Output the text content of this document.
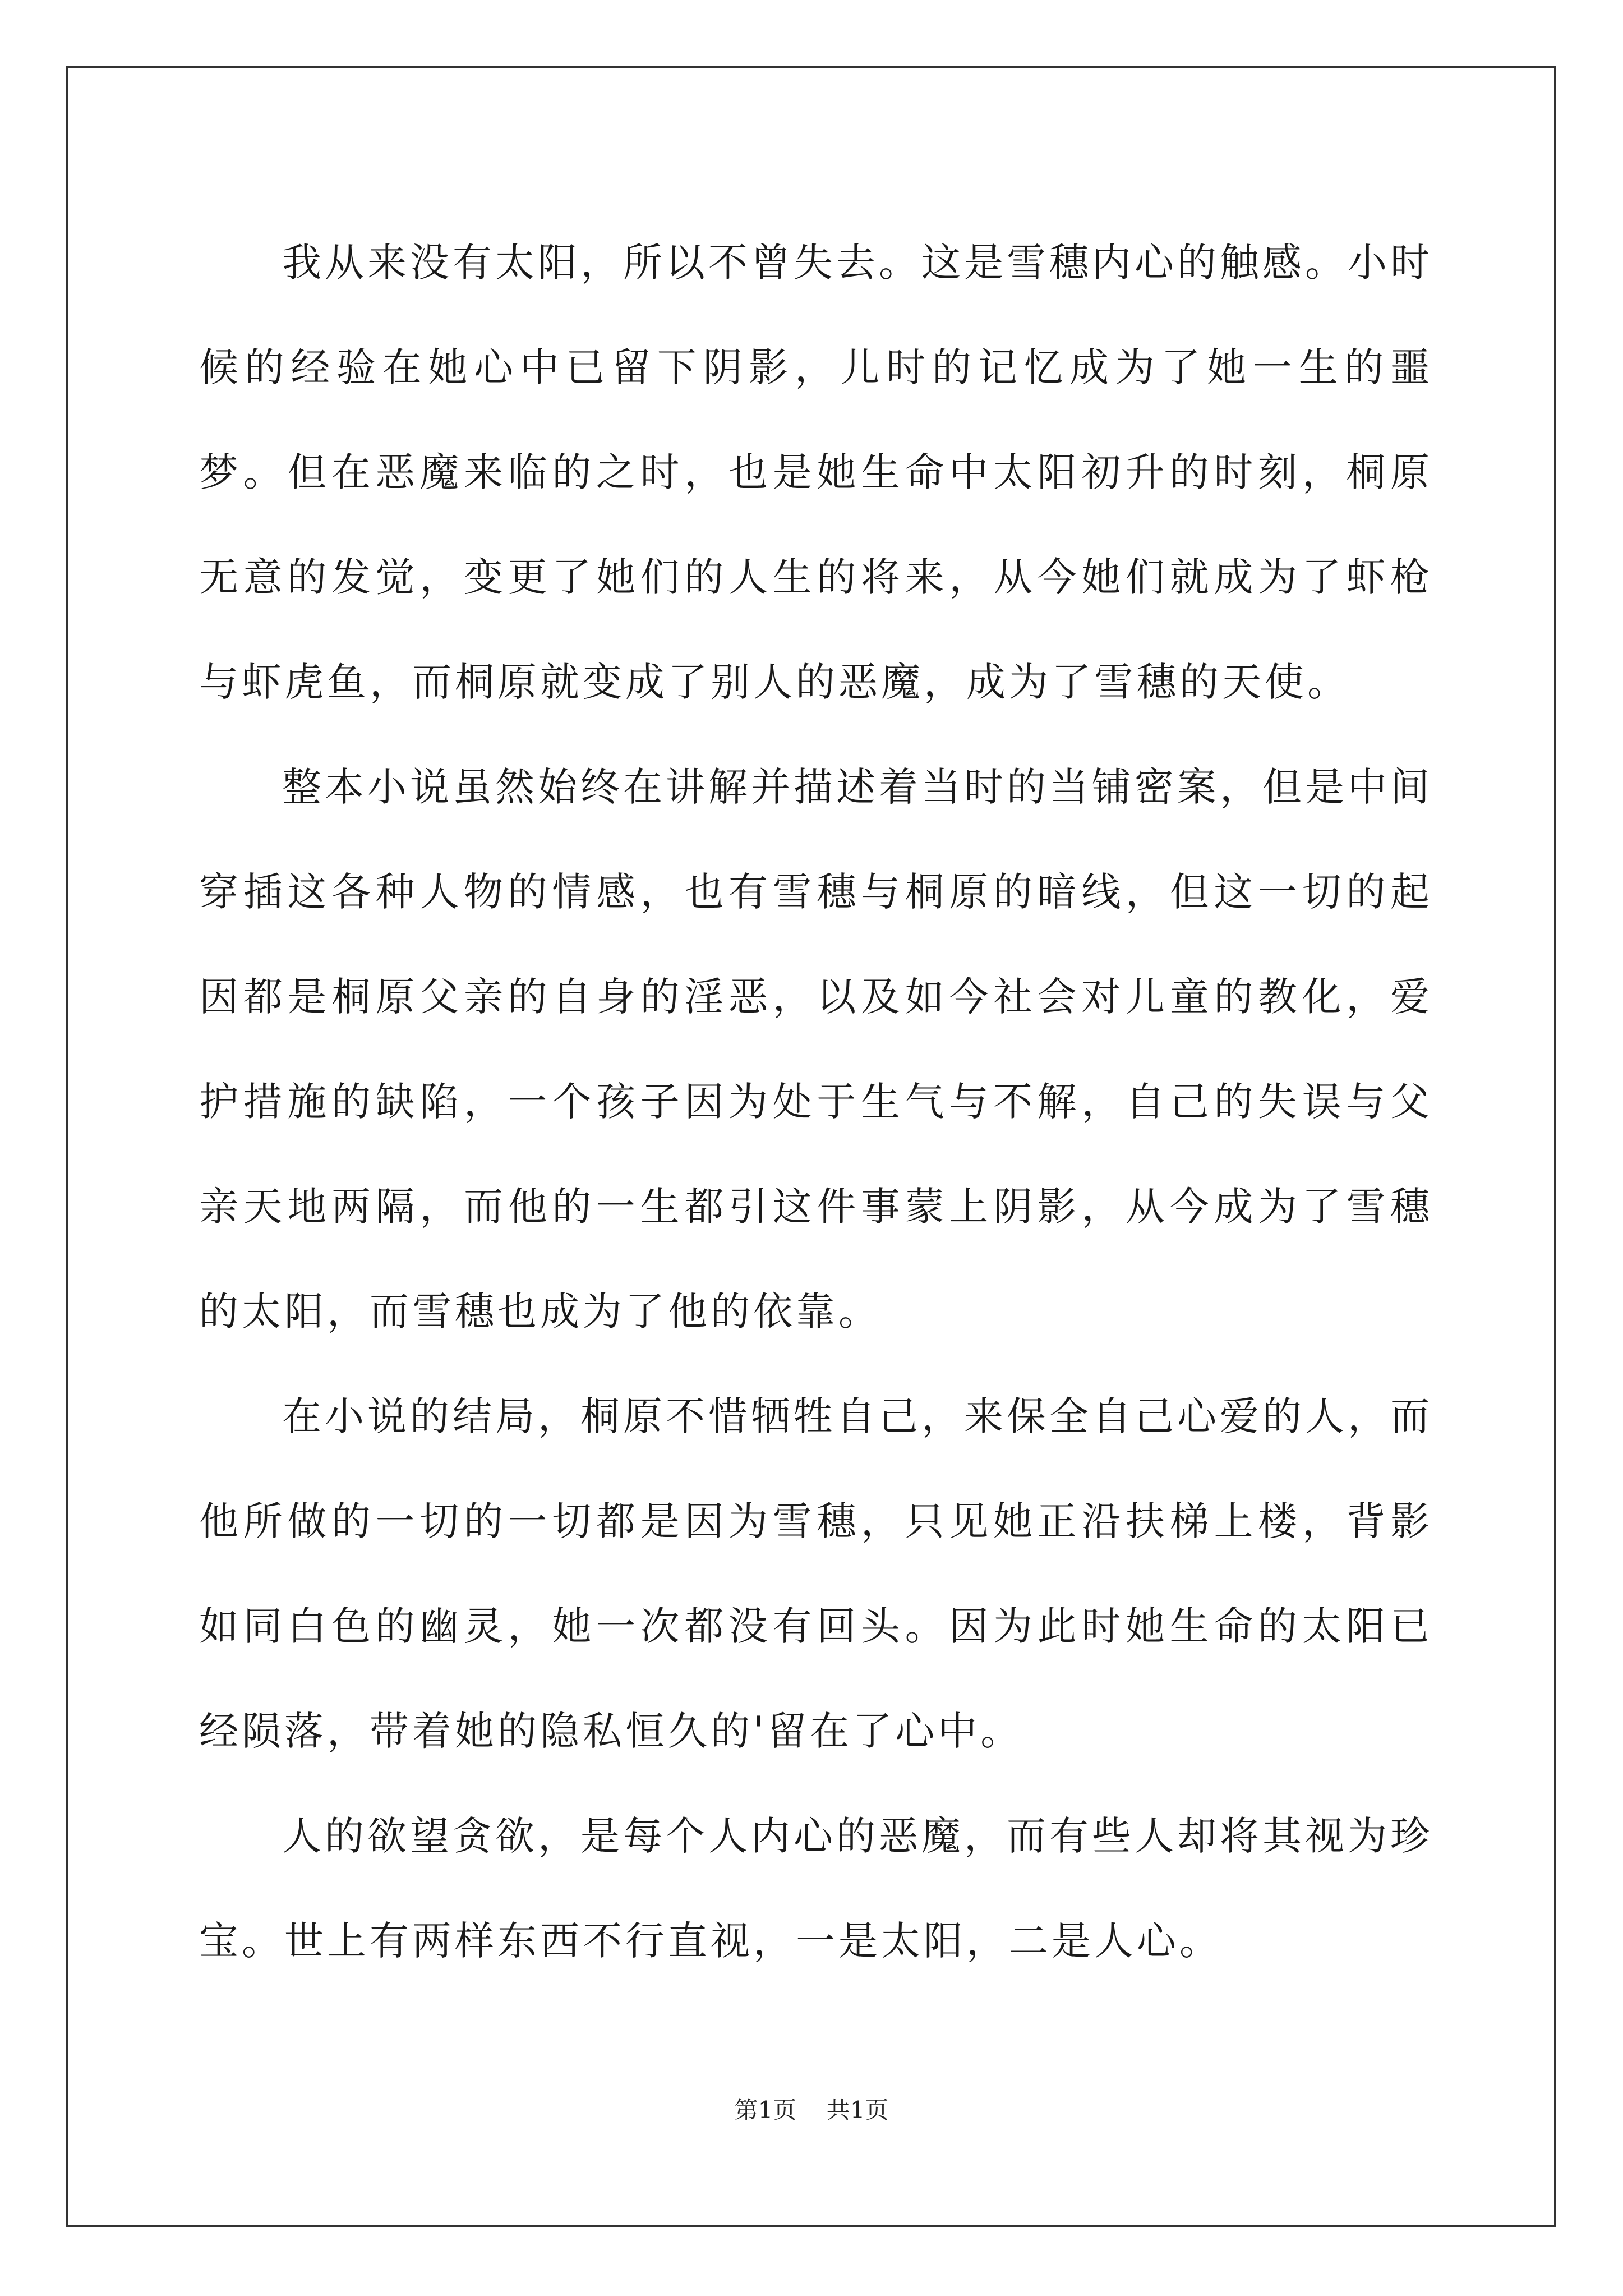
我从来没有太阳，所以不曾失去。这是雪穗内心的触感。小时候的经验在她心中已留下阴影，儿时的记忆成为了她一生的噩梦。但在恶魔来临的之时，也是她生命中太阳初升的时刻，桐原无意的发觉，变更了她们的人生的将来，从今她们就成为了虾枪与虾虎鱼，而桐原就变成了别人的恶魔，成为了雪穗的天使。

整本小说虽然始终在讲解并描述着当时的当铺密案，但是中间穿插这各种人物的情感，也有雪穗与桐原的暗线，但这一切的起因都是桐原父亲的自身的淫恶，以及如今社会对儿童的教化，爱护措施的缺陷，一个孩子因为处于生气与不解，自己的失误与父亲天地两隔，而他的一生都引这件事蒙上阴影，从今成为了雪穗的太阳，而雪穗也成为了他的依靠。

在小说的结局，桐原不惜牺牲自己，来保全自己心爱的人，而他所做的一切的一切都是因为雪穗，只见她正沿扶梯上楼，背影如同白色的幽灵，她一次都没有回头。因为此时她生命的太阳已经陨落，带着她的隐私恒久的'留在了心中。

人的欲望贪欲，是每个人内心的恶魔，而有些人却将其视为珍宝。世上有两样东西不行直视，一是太阳，二是人心。

第1页 共1页
